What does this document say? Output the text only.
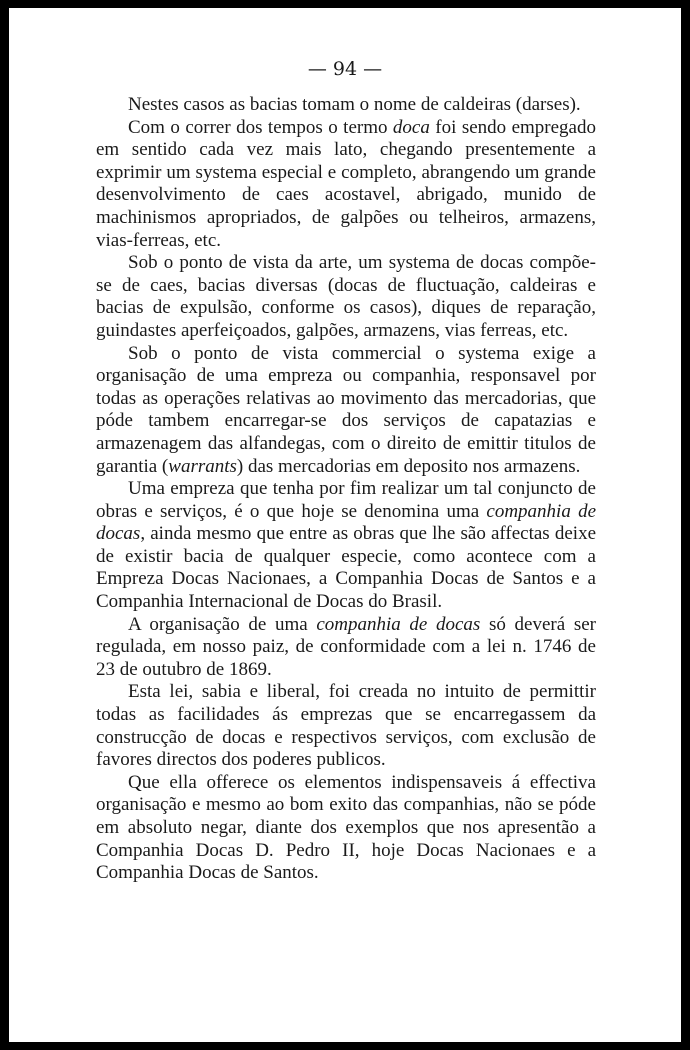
— 94 —

Nestes casos as bacias tomam o nome de caldeiras (darses).

Com o correr dos tempos o termo doca foi sendo empregado em sentido cada vez mais lato, chegando presentemente a exprimir um systema especial e completo, abrangendo um grande desenvolvimento de caes acostavel, abrigado, munido de machinismos apropriados, de galpões ou telheiros, armazens, vias-ferreas, etc.

Sob o ponto de vista da arte, um systema de docas compõe-se de caes, bacias diversas (docas de fluctuação, caldeiras e bacias de expulsão, conforme os casos), diques de reparação, guindastes aperfeiçoados, galpões, armazens, vias ferreas, etc.

Sob o ponto de vista commercial o systema exige a organisação de uma empreza ou companhia, responsavel por todas as operações relativas ao movimento das mercadorias, que póde tambem encarregar-se dos serviços de capatazias e armazenagem das alfandegas, com o direito de emittir titulos de garantia (warrants) das mercadorias em deposito nos armazens.

Uma empreza que tenha por fim realizar um tal conjuncto de obras e serviços, é o que hoje se denomina uma companhia de docas, ainda mesmo que entre as obras que lhe são affectas deixe de existir bacia de qualquer especie, como acontece com a Empreza Docas Nacionaes, a Companhia Docas de Santos e a Companhia Internacional de Docas do Brasil.

A organisação de uma companhia de docas só deverá ser regulada, em nosso paiz, de conformidade com a lei n. 1746 de 23 de outubro de 1869.

Esta lei, sabia e liberal, foi creada no intuito de permittir todas as facilidades ás emprezas que se encarregassem da construcção de docas e respectivos serviços, com exclusão de favores directos dos poderes publicos.

Que ella offerece os elementos indispensaveis á effectiva organisação e mesmo ao bom exito das companhias, não se póde em absoluto negar, diante dos exemplos que nos apresentão a Companhia Docas D. Pedro II, hoje Docas Nacionaes e a Companhia Docas de Santos.
